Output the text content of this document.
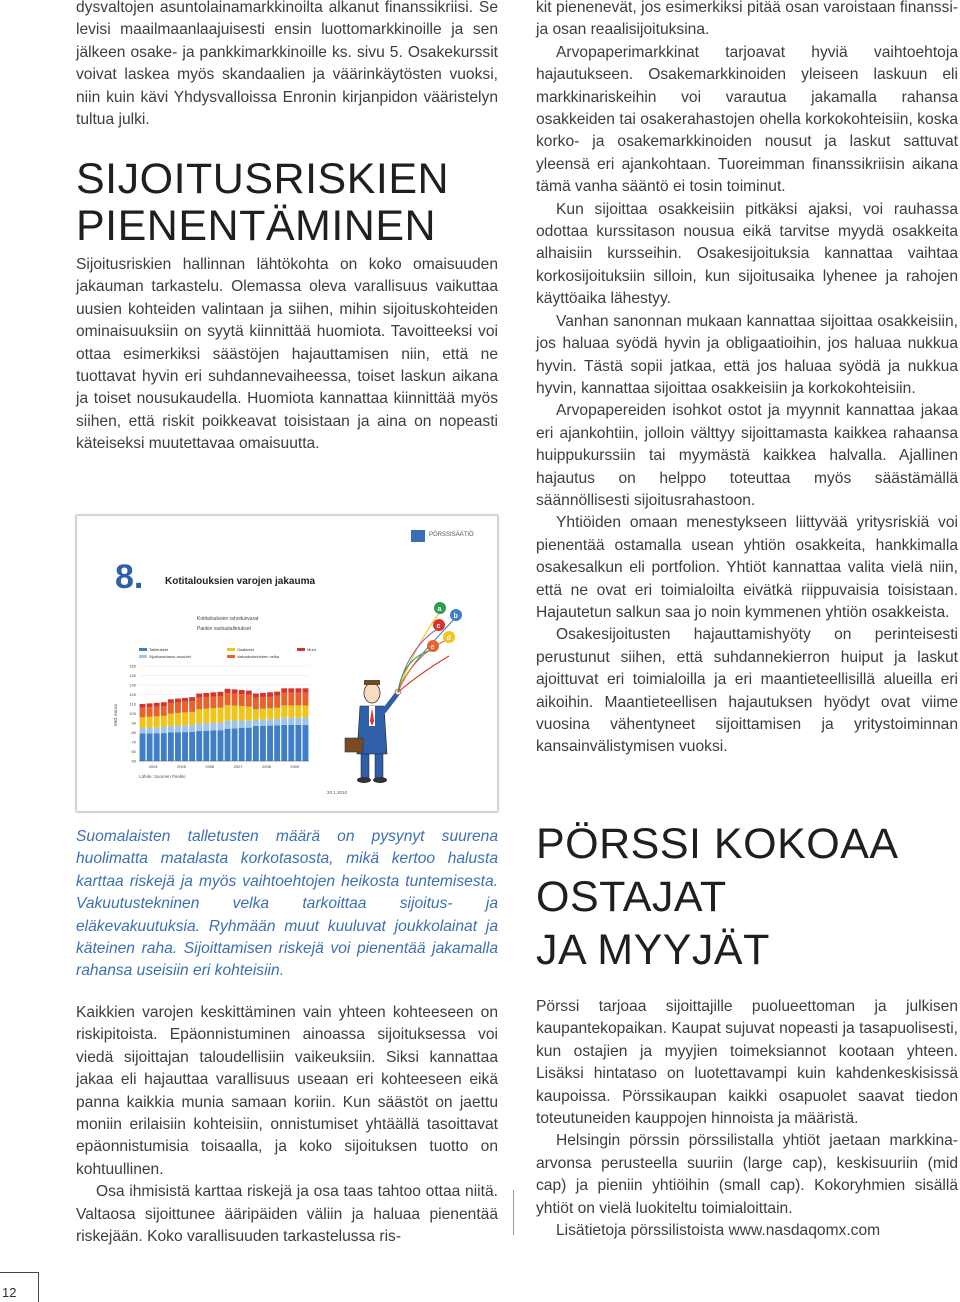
dysvaltojen asuntolainamarkkinoilta alkanut finanssikriisi. Se levisi maailmaanlaajuisesti ensin luottomarkkinoille ja sen jälkeen osake- ja pankkimarkkinoille ks. sivu 5. Osakekurssit voivat laskea myös skandaalien ja väärinkäytösten vuoksi, niin kuin kävi Yhdysvalloissa Enronin kirjanpidon vääristelyn tultua julki.

SIJOITUSRISKIEN
PIENENTÄMINEN

Sijoitusriskien hallinnan lähtökohta on koko omaisuuden jakauman tarkastelu. Olemassa oleva varallisuus vaikuttaa uusien kohteiden valintaan ja siihen, mihin sijoituskohteiden ominaisuuksiin on syytä kiinnittää huomiota. Tavoitteeksi voi ottaa esimerkiksi säästöjen hajauttamisen niin, että ne tuottavat hyvin eri suhdannevaiheessa, toiset laskun aikana ja toiset nousukaudella. Huomiota kannattaa kiinnittää myös siihen, että riskit poikkeavat toisistaan ja aina on nopeasti käteiseksi muutettavaa omaisuutta.

PÖRSSISÄÄTIÖ
8. Kotitalouksien varojen jakauma
Kotitalouksien rahoitusvarat
Pankin vastuutalletukset
Talletukset
Sijoitusrahasto-osuudet
Osakkeet
Vakuutustekninen velka
Muut
Mrd. euroa
150
140
130
120
110
100
90
80
70
60
50
2004	2005	2006	2007	2008	2009
Lähde: Suomen Pankki
20.1.2010
a
b
c
d
e

Suomalaisten talletusten määrä on pysynyt suurena huolimatta matalasta korkotasosta, mikä kertoo halusta karttaa riskejä ja myös vaihtoehtojen heikosta tuntemisesta. Vakuutustekninen velka tarkoittaa sijoitus- ja eläkevakuutuksia. Ryhmään muut kuuluvat joukkolainat ja käteinen raha. Sijoittamisen riskejä voi pienentää jakamalla rahansa useisiin eri kohteisiin.

Kaikkien varojen keskittäminen vain yhteen kohteeseen on riskipitoista. Epäonnistuminen ainoassa sijoituksessa voi viedä sijoittajan taloudellisiin vaikeuksiin. Siksi kannattaa jakaa eli hajauttaa varallisuus useaan eri kohteeseen eikä panna kaikkia munia samaan koriin. Kun säästöt on jaettu moniin erilaisiin kohteisiin, onnistumiset yhtäällä tasoittavat epäonnistumisia toisaalla, ja koko sijoituksen tuotto on kohtuullinen.

Osa ihmisistä karttaa riskejä ja osa taas tahtoo ottaa niitä. Valtaosa sijoittunee ääripäiden väliin ja haluaa pienentää riskejään. Koko varallisuuden tarkastelussa ris-

kit pienenevät, jos esimerkiksi pitää osan varoistaan finanssi- ja osan reaalisijoituksina.

Arvopaperimarkkinat tarjoavat hyviä vaihtoehtoja hajautukseen. Osakemarkkinoiden yleiseen laskuun eli markkinariskeihin voi varautua jakamalla rahansa osakkeiden tai osakerahastojen ohella korkokohteisiin, koska korko- ja osakemarkkinoiden nousut ja laskut sattuvat yleensä eri ajankohtaan. Tuoreimman finanssikriisin aikana tämä vanha sääntö ei tosin toiminut.

Kun sijoittaa osakkeisiin pitkäksi ajaksi, voi rauhassa odottaa kurssitason nousua eikä tarvitse myydä osakkeita alhaisiin kursseihin. Osakesijoituksia kannattaa vaihtaa korkosijoituksiin silloin, kun sijoitusaika lyhenee ja rahojen käyttöaika lähestyy.

Vanhan sanonnan mukaan kannattaa sijoittaa osakkeisiin, jos haluaa syödä hyvin ja obligaatioihin, jos haluaa nukkua hyvin. Tästä sopii jatkaa, että jos haluaa syödä ja nukkua hyvin, kannattaa sijoittaa osakkeisiin ja korkokohteisiin.

Arvopapereiden isohkot ostot ja myynnit kannattaa jakaa eri ajankohtiin, jolloin välttyy sijoittamasta kaikkea rahaansa huippukurssiin tai myymästä kaikkea halvalla. Ajallinen hajautus on helppo toteuttaa myös säästämällä säännöllisesti sijoitusrahastoon.

Yhtiöiden omaan menestykseen liittyvää yritysriskiä voi pienentää ostamalla usean yhtiön osakkeita, hankkimalla osakesalkun eli portfolion. Yhtiöt kannattaa valita vielä niin, että ne ovat eri toimialoilta eivätkä riippuvaisia toisistaan. Hajautetun salkun saa jo noin kymmenen yhtiön osakkeista.

Osakesijoitusten hajauttamishyöty on perinteisesti perustunut siihen, että suhdannekierron huiput ja laskut ajoittuvat eri toimialoilla ja eri maantieteellisillä alueilla eri aikoihin. Maantieteellisen hajautuksen hyödyt ovat viime vuosina vähentyneet sijoittamisen ja yritystoiminnan kansainvälistymisen vuoksi.

PÖRSSI KOKOAA
OSTAJAT
JA MYYJÄT

Pörssi tarjoaa sijoittajille puolueettoman ja julkisen kaupantekopaikan. Kaupat sujuvat nopeasti ja tasapuolisesti, kun ostajien ja myyjien toimeksiannot kootaan yhteen. Lisäksi hintataso on luotettavampi kuin kahdenkeskisissä kaupoissa. Pörssikaupan kaikki osapuolet saavat tiedon toteutuneiden kauppojen hinnoista ja määristä.

Helsingin pörssin pörssilistalla yhtiöt jaetaan markkina-arvonsa perusteella suuriin (large cap), keskisuuriin (mid cap) ja pieniin yhtiöihin (small cap). Kokoryhmien sisällä yhtiöt on vielä luokiteltu toimialoittain.

Lisätietoja pörssilistoista www.nasdaqomx.com

12
